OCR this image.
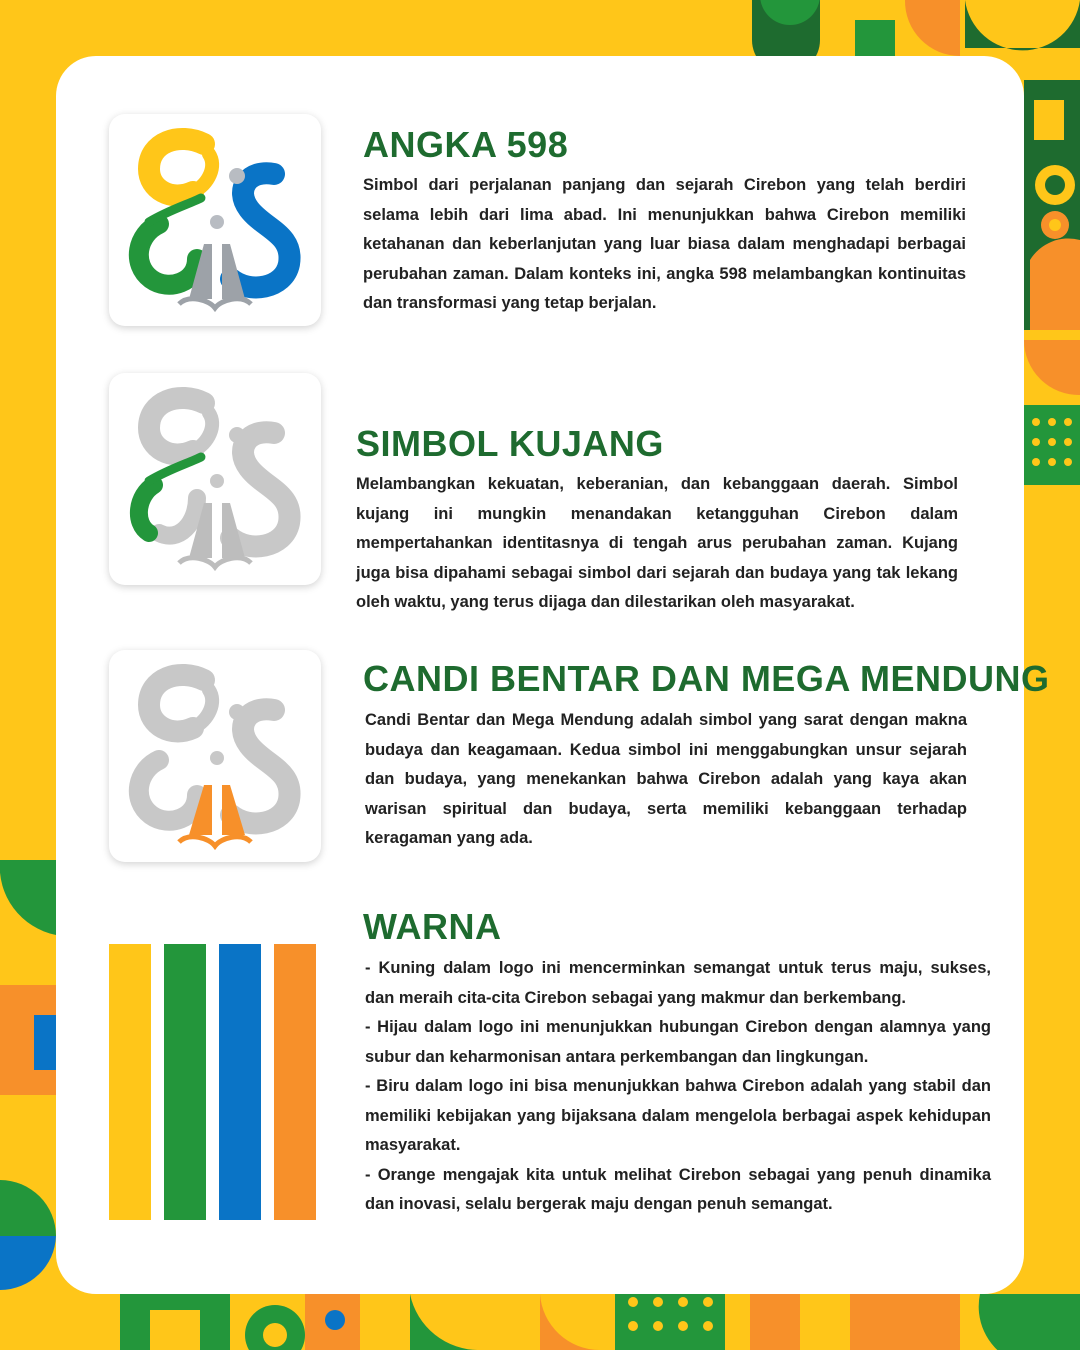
ANGKA 598

Simbol dari perjalanan panjang dan sejarah Cirebon yang telah berdiri selama lebih dari lima abad. Ini menunjukkan bahwa Cirebon memiliki ketahanan dan keberlanjutan yang luar biasa dalam menghadapi berbagai perubahan zaman. Dalam konteks ini, angka 598 melambangkan kontinuitas dan transformasi yang tetap berjalan.

SIMBOL KUJANG

Melambangkan kekuatan, keberanian, dan kebanggaan daerah. Simbol kujang ini mungkin menandakan ketangguhan Cirebon dalam mempertahankan identitasnya di tengah arus perubahan zaman. Kujang juga bisa dipahami sebagai simbol dari sejarah dan budaya yang tak lekang oleh waktu, yang terus dijaga dan dilestarikan oleh masyarakat.

CANDI BENTAR DAN MEGA MENDUNG

Candi Bentar dan Mega Mendung adalah simbol yang sarat dengan makna budaya dan keagamaan. Kedua simbol ini menggabungkan unsur sejarah dan budaya, yang menekankan bahwa Cirebon adalah yang kaya akan warisan spiritual dan budaya, serta memiliki kebanggaan terhadap keragaman yang ada.

WARNA

- Kuning dalam logo ini mencerminkan semangat untuk terus maju, sukses, dan meraih cita-cita Cirebon sebagai yang makmur dan berkembang.

- Hijau dalam logo ini menunjukkan hubungan Cirebon dengan alamnya yang subur dan keharmonisan antara perkembangan dan lingkungan.

- Biru dalam logo ini bisa menunjukkan bahwa Cirebon adalah yang stabil dan memiliki kebijakan yang bijaksana dalam mengelola berbagai aspek kehidupan masyarakat.

- Orange mengajak kita untuk melihat Cirebon sebagai yang penuh dinamika dan inovasi, selalu bergerak maju dengan penuh semangat.
